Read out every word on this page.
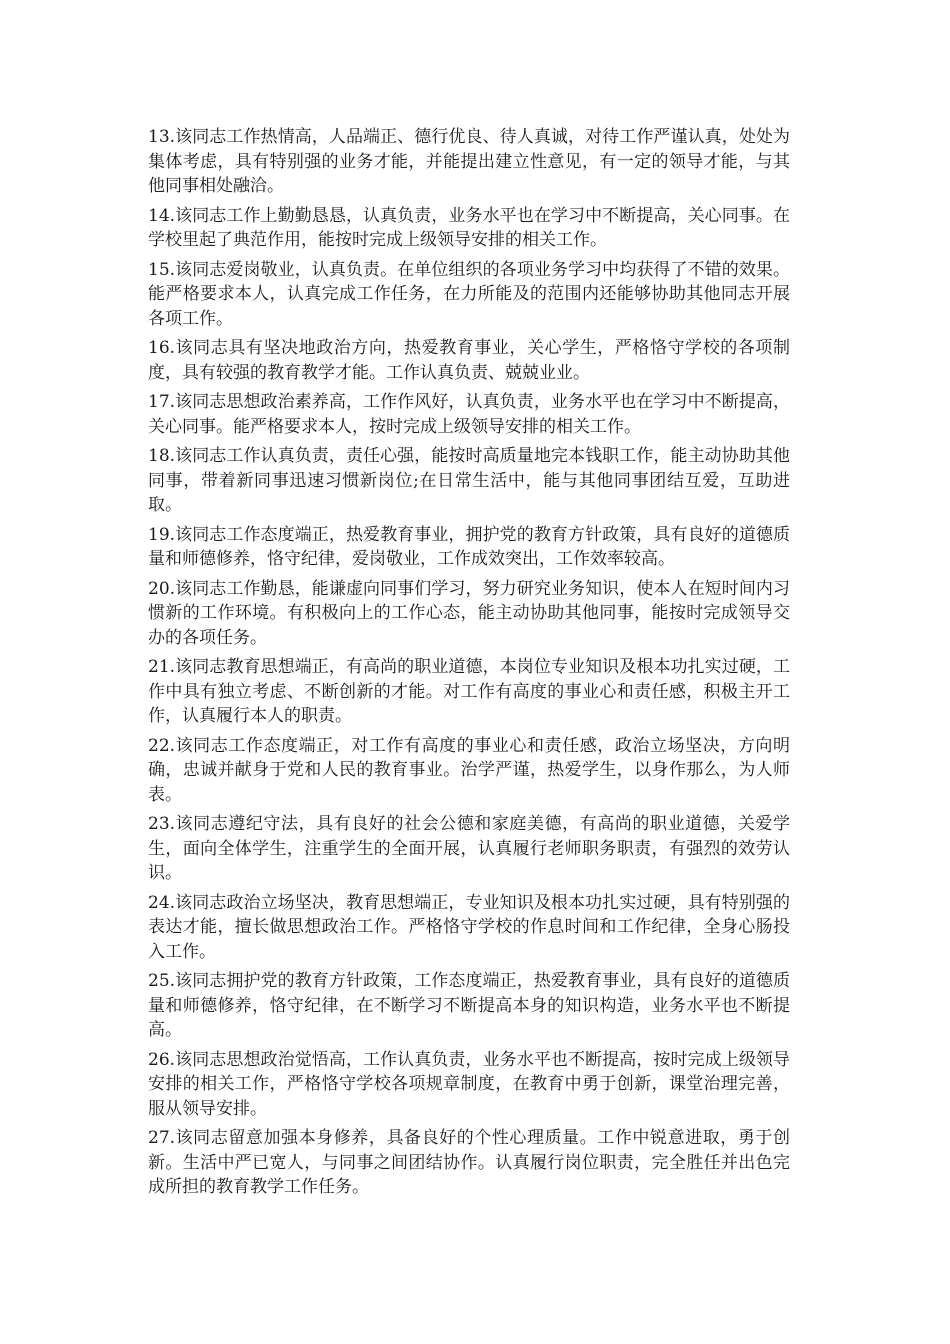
13.该同志工作热情高，人品端正、德行优良、待人真诚，对待工作严谨认真，处处为集体考虑，具有特别强的业务才能，并能提出建立性意见，有一定的领导才能，与其他同事相处融洽。

14.该同志工作上勤勤恳恳，认真负责，业务水平也在学习中不断提高，关心同事。在学校里起了典范作用，能按时完成上级领导安排的相关工作。

15.该同志爱岗敬业，认真负责。在单位组织的各项业务学习中均获得了不错的效果。能严格要求本人，认真完成工作任务，在力所能及的范围内还能够协助其他同志开展各项工作。

16.该同志具有坚决地政治方向，热爱教育事业，关心学生，严格恪守学校的各项制度，具有较强的教育教学才能。工作认真负责、兢兢业业。

17.该同志思想政治素养高，工作作风好，认真负责，业务水平也在学习中不断提高，关心同事。能严格要求本人，按时完成上级领导安排的相关工作。

18.该同志工作认真负责，责任心强，能按时高质量地完本钱职工作，能主动协助其他同事，带着新同事迅速习惯新岗位;在日常生活中，能与其他同事团结互爱，互助进取。

19.该同志工作态度端正，热爱教育事业，拥护党的教育方针政策，具有良好的道德质量和师德修养，恪守纪律，爱岗敬业，工作成效突出，工作效率较高。

20.该同志工作勤恳，能谦虚向同事们学习，努力研究业务知识，使本人在短时间内习惯新的工作环境。有积极向上的工作心态，能主动协助其他同事，能按时完成领导交办的各项任务。

21.该同志教育思想端正，有高尚的职业道德，本岗位专业知识及根本功扎实过硬，工作中具有独立考虑、不断创新的才能。对工作有高度的事业心和责任感，积极主开工作，认真履行本人的职责。

22.该同志工作态度端正，对工作有高度的事业心和责任感，政治立场坚决，方向明确，忠诚并献身于党和人民的教育事业。治学严谨，热爱学生，以身作那么，为人师表。

23.该同志遵纪守法，具有良好的社会公德和家庭美德，有高尚的职业道德，关爱学生，面向全体学生，注重学生的全面开展，认真履行老师职务职责，有强烈的效劳认识。

24.该同志政治立场坚决，教育思想端正，专业知识及根本功扎实过硬，具有特别强的表达才能，擅长做思想政治工作。严格恪守学校的作息时间和工作纪律，全身心肠投入工作。

25.该同志拥护党的教育方针政策，工作态度端正，热爱教育事业，具有良好的道德质量和师德修养，恪守纪律，在不断学习不断提高本身的知识构造，业务水平也不断提高。

26.该同志思想政治觉悟高，工作认真负责，业务水平也不断提高，按时完成上级领导安排的相关工作，严格恪守学校各项规章制度，在教育中勇于创新，课堂治理完善，服从领导安排。

27.该同志留意加强本身修养，具备良好的个性心理质量。工作中锐意进取，勇于创新。生活中严已宽人，与同事之间团结协作。认真履行岗位职责，完全胜任并出色完成所担的教育教学工作任务。
